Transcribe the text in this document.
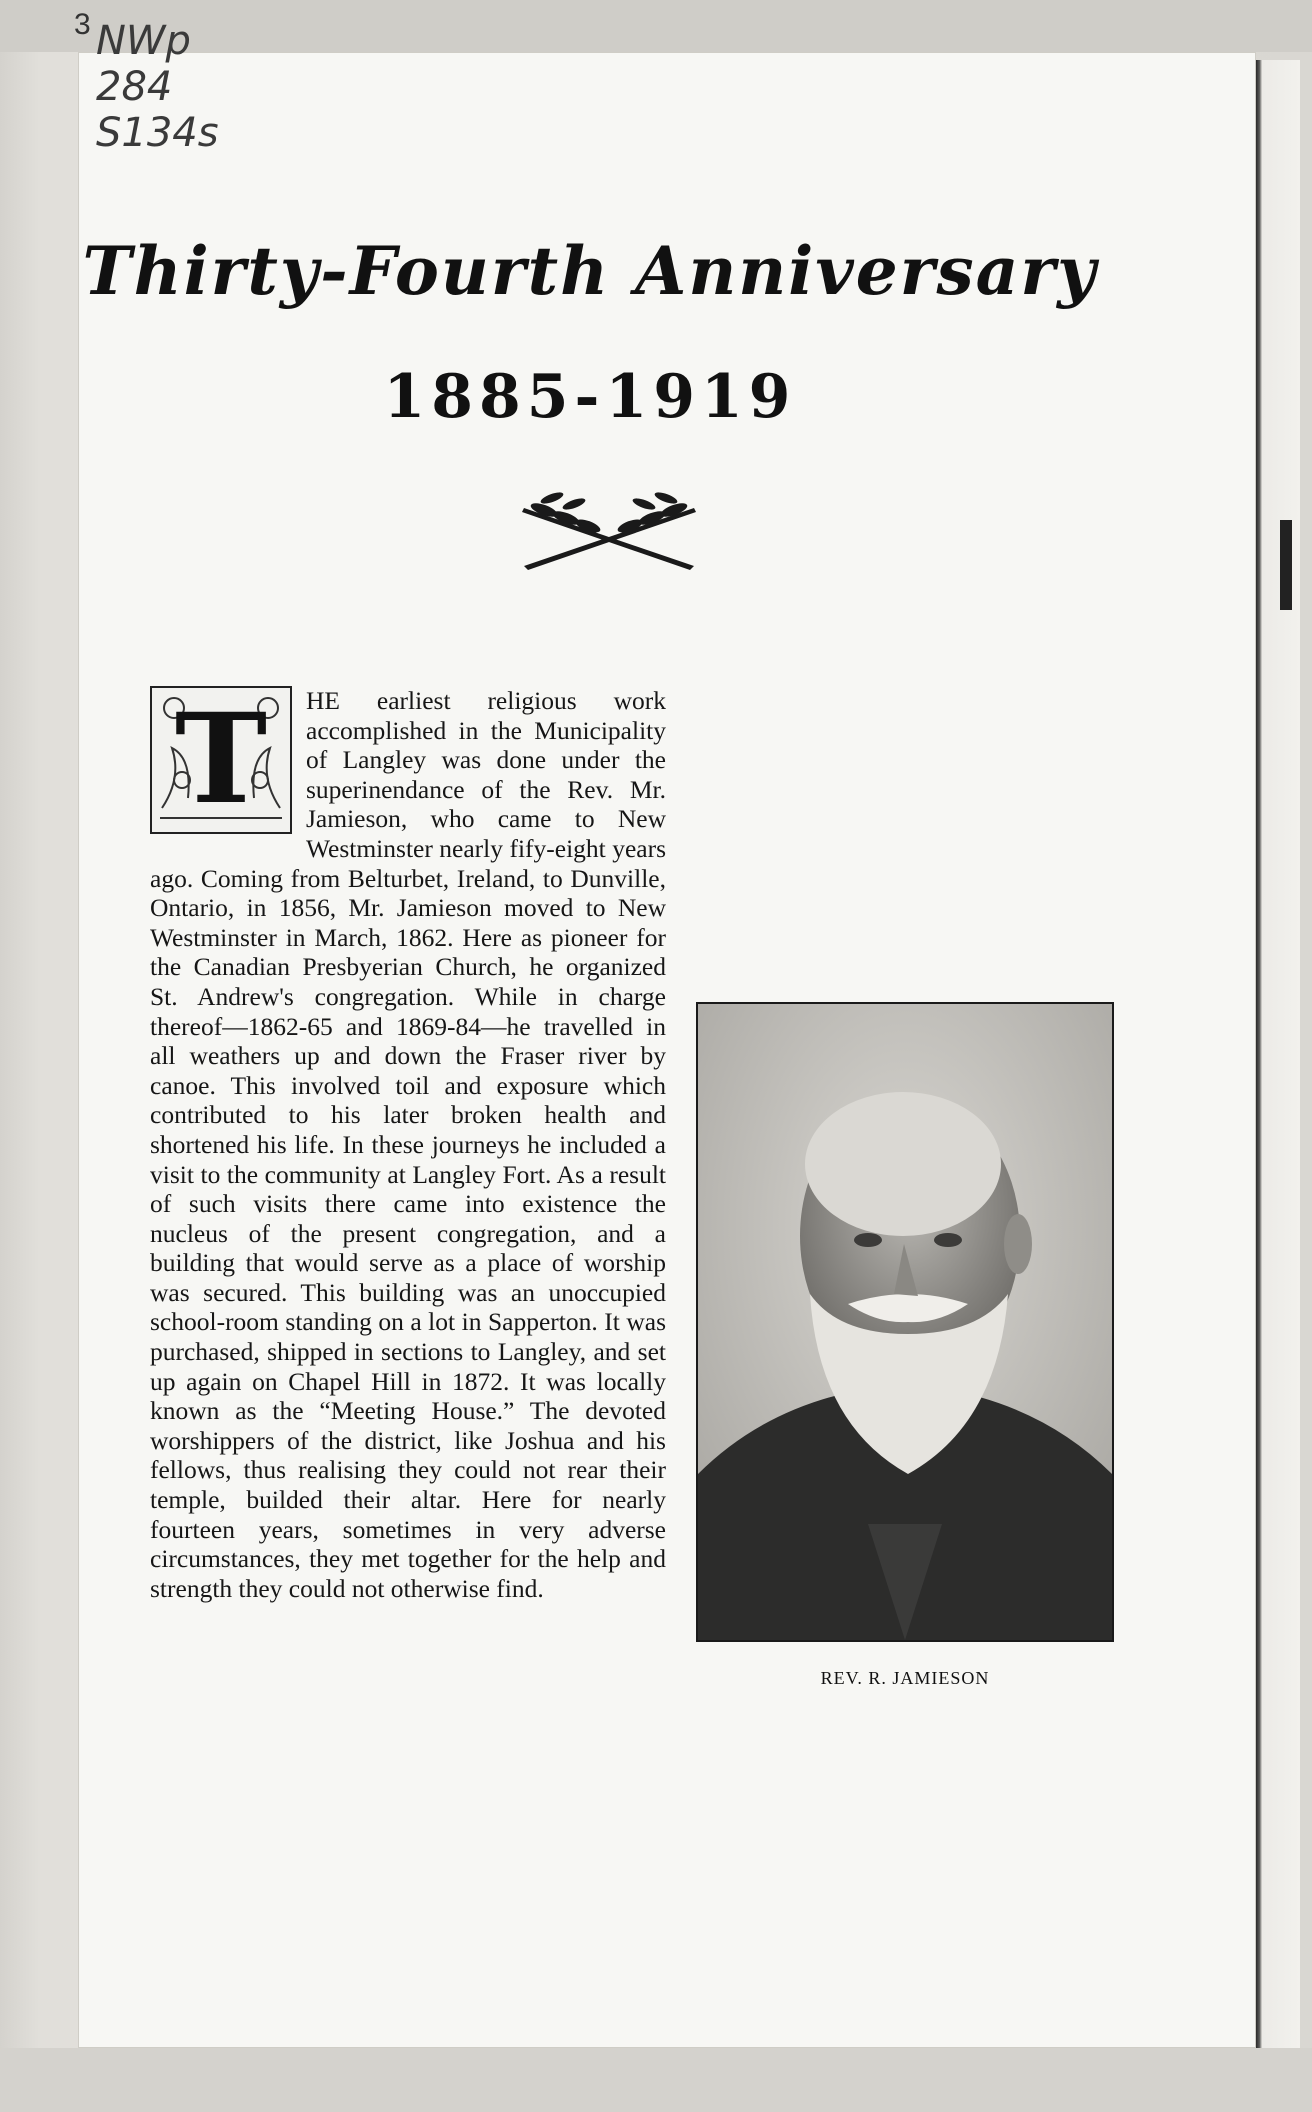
3 NWp
284
S134s
Thirty-Fourth Anniversary
1885-1919
T
REV. R. JAMIESON
HE earliest religious work accomplished in the Municipality of Langley was done under the superinendance of the Rev. Mr. Jamieson, who came to New Westminster nearly fify-eight years ago. Coming from Belturbet, Ireland, to Dunville, Ontario, in 1856, Mr. Jamieson moved to New Westminster in March, 1862. Here as pioneer for the Canadian Presbyerian Church, he organized St. Andrew's congregation. While in charge thereof—1862-65 and 1869-84—he travelled in all weathers up and down the Fraser river by canoe. This involved toil and exposure which contributed to his later broken health and shortened his life. In these journeys he included a visit to the community at Langley Fort. As a result of such visits there came into existence the nucleus of the present congregation, and a building that would serve as a place of worship was secured. This building was an unoccupied school-room standing on a lot in Sapperton. It was purchased, shipped in sections to Langley, and set up again on Chapel Hill in 1872. It was locally known as the “Meeting House.” The devoted worshippers of the district, like Joshua and his fellows, thus realising they could not rear their temple, builded their altar. Here for nearly fourteen years, sometimes in very adverse circumstances, they met together for the help and strength they could not otherwise find.
